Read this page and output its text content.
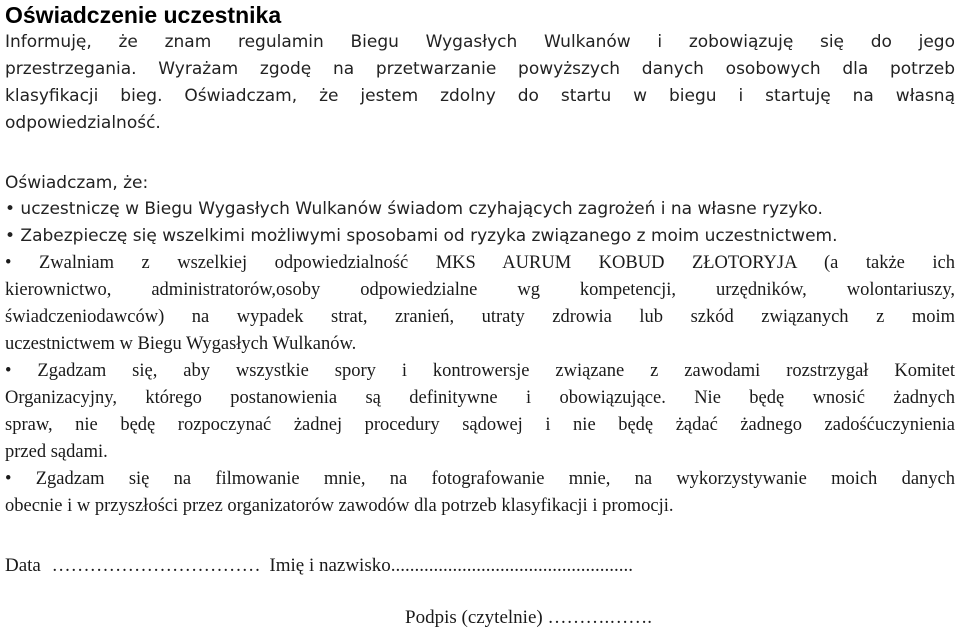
Oświadczenie uczestnika
Informuję, że znam regulamin Biegu Wygasłych Wulkanów i zobowiązuję się do jego
przestrzegania. Wyrażam zgodę na przetwarzanie powyższych danych osobowych dla potrzeb
klasyfikacji bieg. Oświadczam, że jestem zdolny do startu w biegu i startuję na własną
odpowiedzialność.
Oświadczam, że:
• uczestniczę w Biegu Wygasłych Wulkanów świadom czyhających zagrożeń i na własne ryzyko.
• Zabezpieczę się wszelkimi możliwymi sposobami od ryzyka związanego z moim uczestnictwem.
• Zwalniam z wszelkiej odpowiedzialność MKS AURUM KOBUD ZŁOTORYJA (a także ich
kierownictwo, administratorów,osoby odpowiedzialne wg kompetencji, urzędników, wolontariuszy,
świadczeniodawców) na wypadek strat, zranień, utraty zdrowia lub szkód związanych z moim
uczestnictwem w Biegu Wygasłych Wulkanów.
• Zgadzam się, aby wszystkie spory i kontrowersje związane z zawodami rozstrzygał Komitet
Organizacyjny, którego postanowienia są definitywne i obowiązujące. Nie będę wnosić żadnych
spraw, nie będę rozpoczynać żadnej procedury sądowej i nie będę żądać żadnego zadośćuczynienia
przed sądami.
• Zgadzam się na filmowanie mnie, na fotografowanie mnie, na wykorzystywanie moich danych
obecnie i w przyszłości przez organizatorów zawodów dla potrzeb klasyfikacji i promocji.
Data …………………………… Imię i nazwisko...................................................
Podpis (czytelnie) ……….…….
